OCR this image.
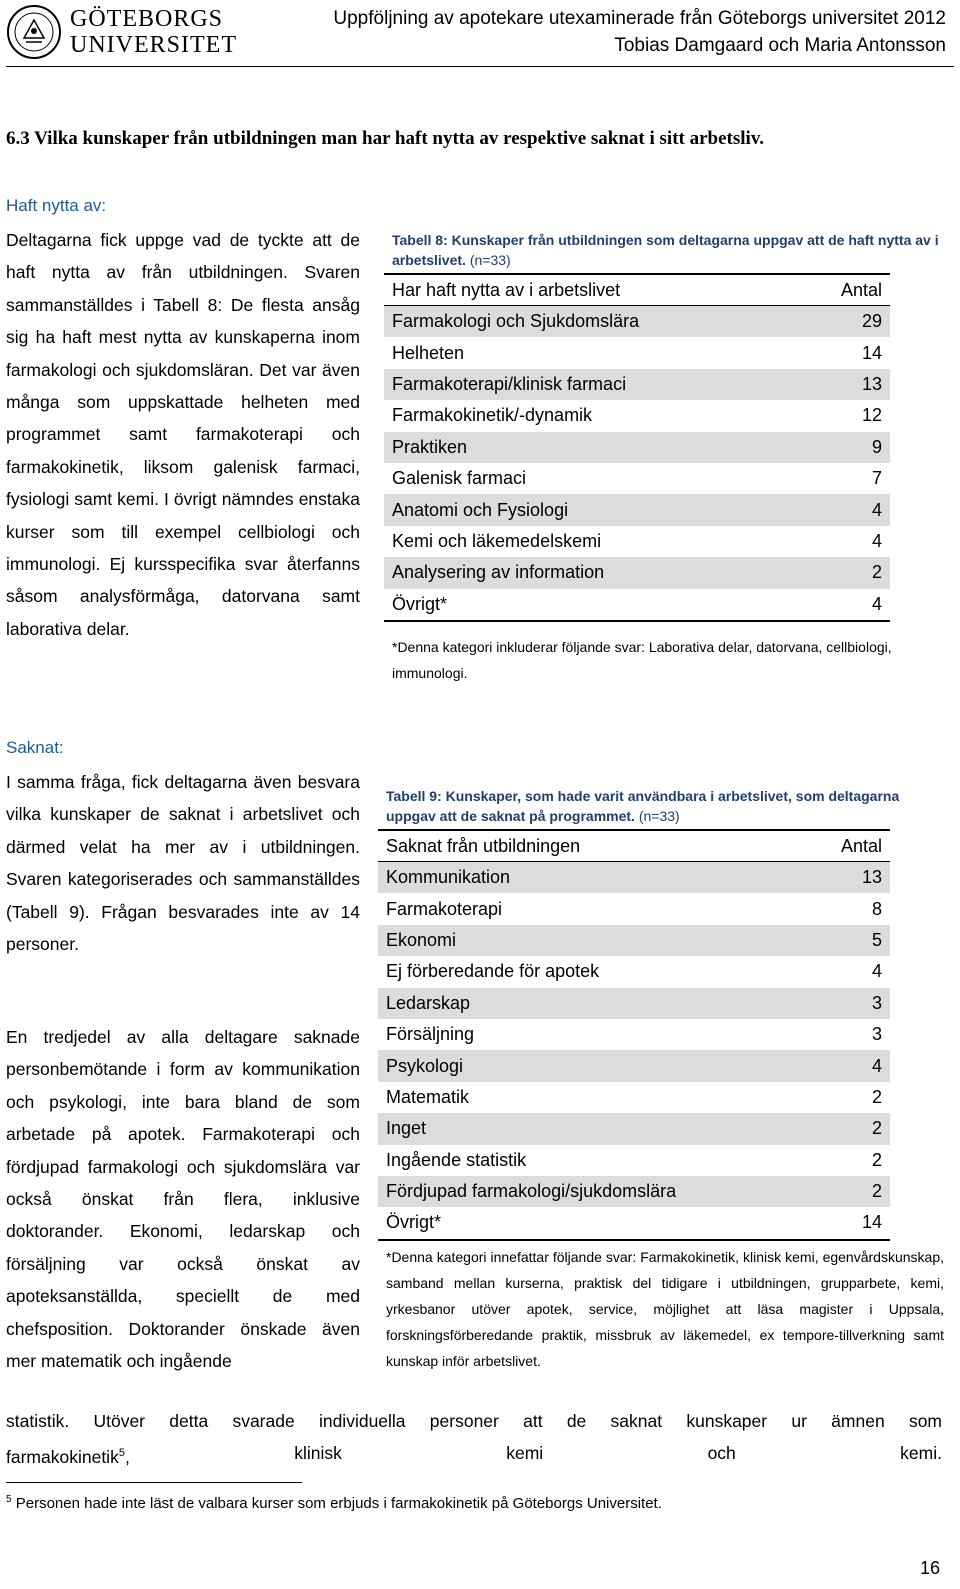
GÖTEBORGS
UNIVERSITET
Uppföljning av apotekare utexaminerade från Göteborgs universitet 2012
Tobias Damgaard och Maria Antonsson
6.3 Vilka kunskaper från utbildningen man har haft nytta av respektive saknat i sitt arbetsliv.
Haft nytta av:
Deltagarna fick uppge vad de tyckte att de haft nytta av från utbildningen. Svaren sammanställdes i Tabell 8: De flesta ansåg sig ha haft mest nytta av kunskaperna inom farmakologi och sjukdomsläran. Det var även många som uppskattade helheten med programmet samt farmakoterapi och farmakokinetik, liksom galenisk farmaci, fysiologi samt kemi. I övrigt nämndes enstaka kurser som till exempel cellbiologi och immunologi. Ej kursspecifika svar återfanns såsom analysförmåga, datorvana samt laborativa delar.
Saknat:
I samma fråga, fick deltagarna även besvara vilka kunskaper de saknat i arbetslivet och därmed velat ha mer av i utbildningen. Svaren kategoriserades och sammanställdes (Tabell 9). Frågan besvarades inte av 14 personer.
En tredjedel av alla deltagare saknade personbemötande i form av kommunikation och psykologi, inte bara bland de som arbetade på apotek. Farmakoterapi och fördjupad farmakologi och sjukdomslära var också önskat från flera, inklusive doktorander. Ekonomi, ledarskap och försäljning var också önskat av apoteksanställda, speciellt de med chefsposition. Doktorander önskade även mer matematik och ingående
statistik. Utöver detta svarade individuella personer att de saknat kunskaper ur ämnen som
farmakokinetik$^5$,	klinisk	kemi	och	kemi.
Tabell 8: Kunskaper från utbildningen som deltagarna uppgav att de haft nytta av i arbetslivet. (n=33)
Har haft nytta av i arbetslivet	Antal
Farmakologi och Sjukdomslära	29
Helheten	14
Farmakoterapi/klinisk farmaci	13
Farmakokinetik/-dynamik	12
Praktiken	9
Galenisk farmaci	7
Anatomi och Fysiologi	4
Kemi och läkemedelskemi	4
Analysering av information	2
Övrigt*	4
*Denna kategori inkluderar följande svar: Laborativa delar, datorvana, cellbiologi, immunologi.
Tabell 9: Kunskaper, som hade varit användbara i arbetslivet, som deltagarna uppgav att de saknat på programmet. (n=33)
Saknat från utbildningen	Antal
Kommunikation	13
Farmakoterapi	8
Ekonomi	5
Ej förberedande för apotek	4
Ledarskap	3
Försäljning	3
Psykologi	4
Matematik	2
Inget	2
Ingående statistik	2
Fördjupad farmakologi/sjukdomslära	2
Övrigt*	14
*Denna kategori innefattar följande svar: Farmakokinetik, klinisk kemi, egenvårdskunskap, samband mellan kurserna, praktisk del tidigare i utbildningen, grupparbete, kemi, yrkesbanor utöver apotek, service, möjlighet att läsa magister i Uppsala, forskningsförberedande praktik, missbruk av läkemedel, ex tempore-tillverkning samt kunskap inför arbetslivet.
$^5$ Personen hade inte läst de valbara kurser som erbjuds i farmakokinetik på Göteborgs Universitet.
16
